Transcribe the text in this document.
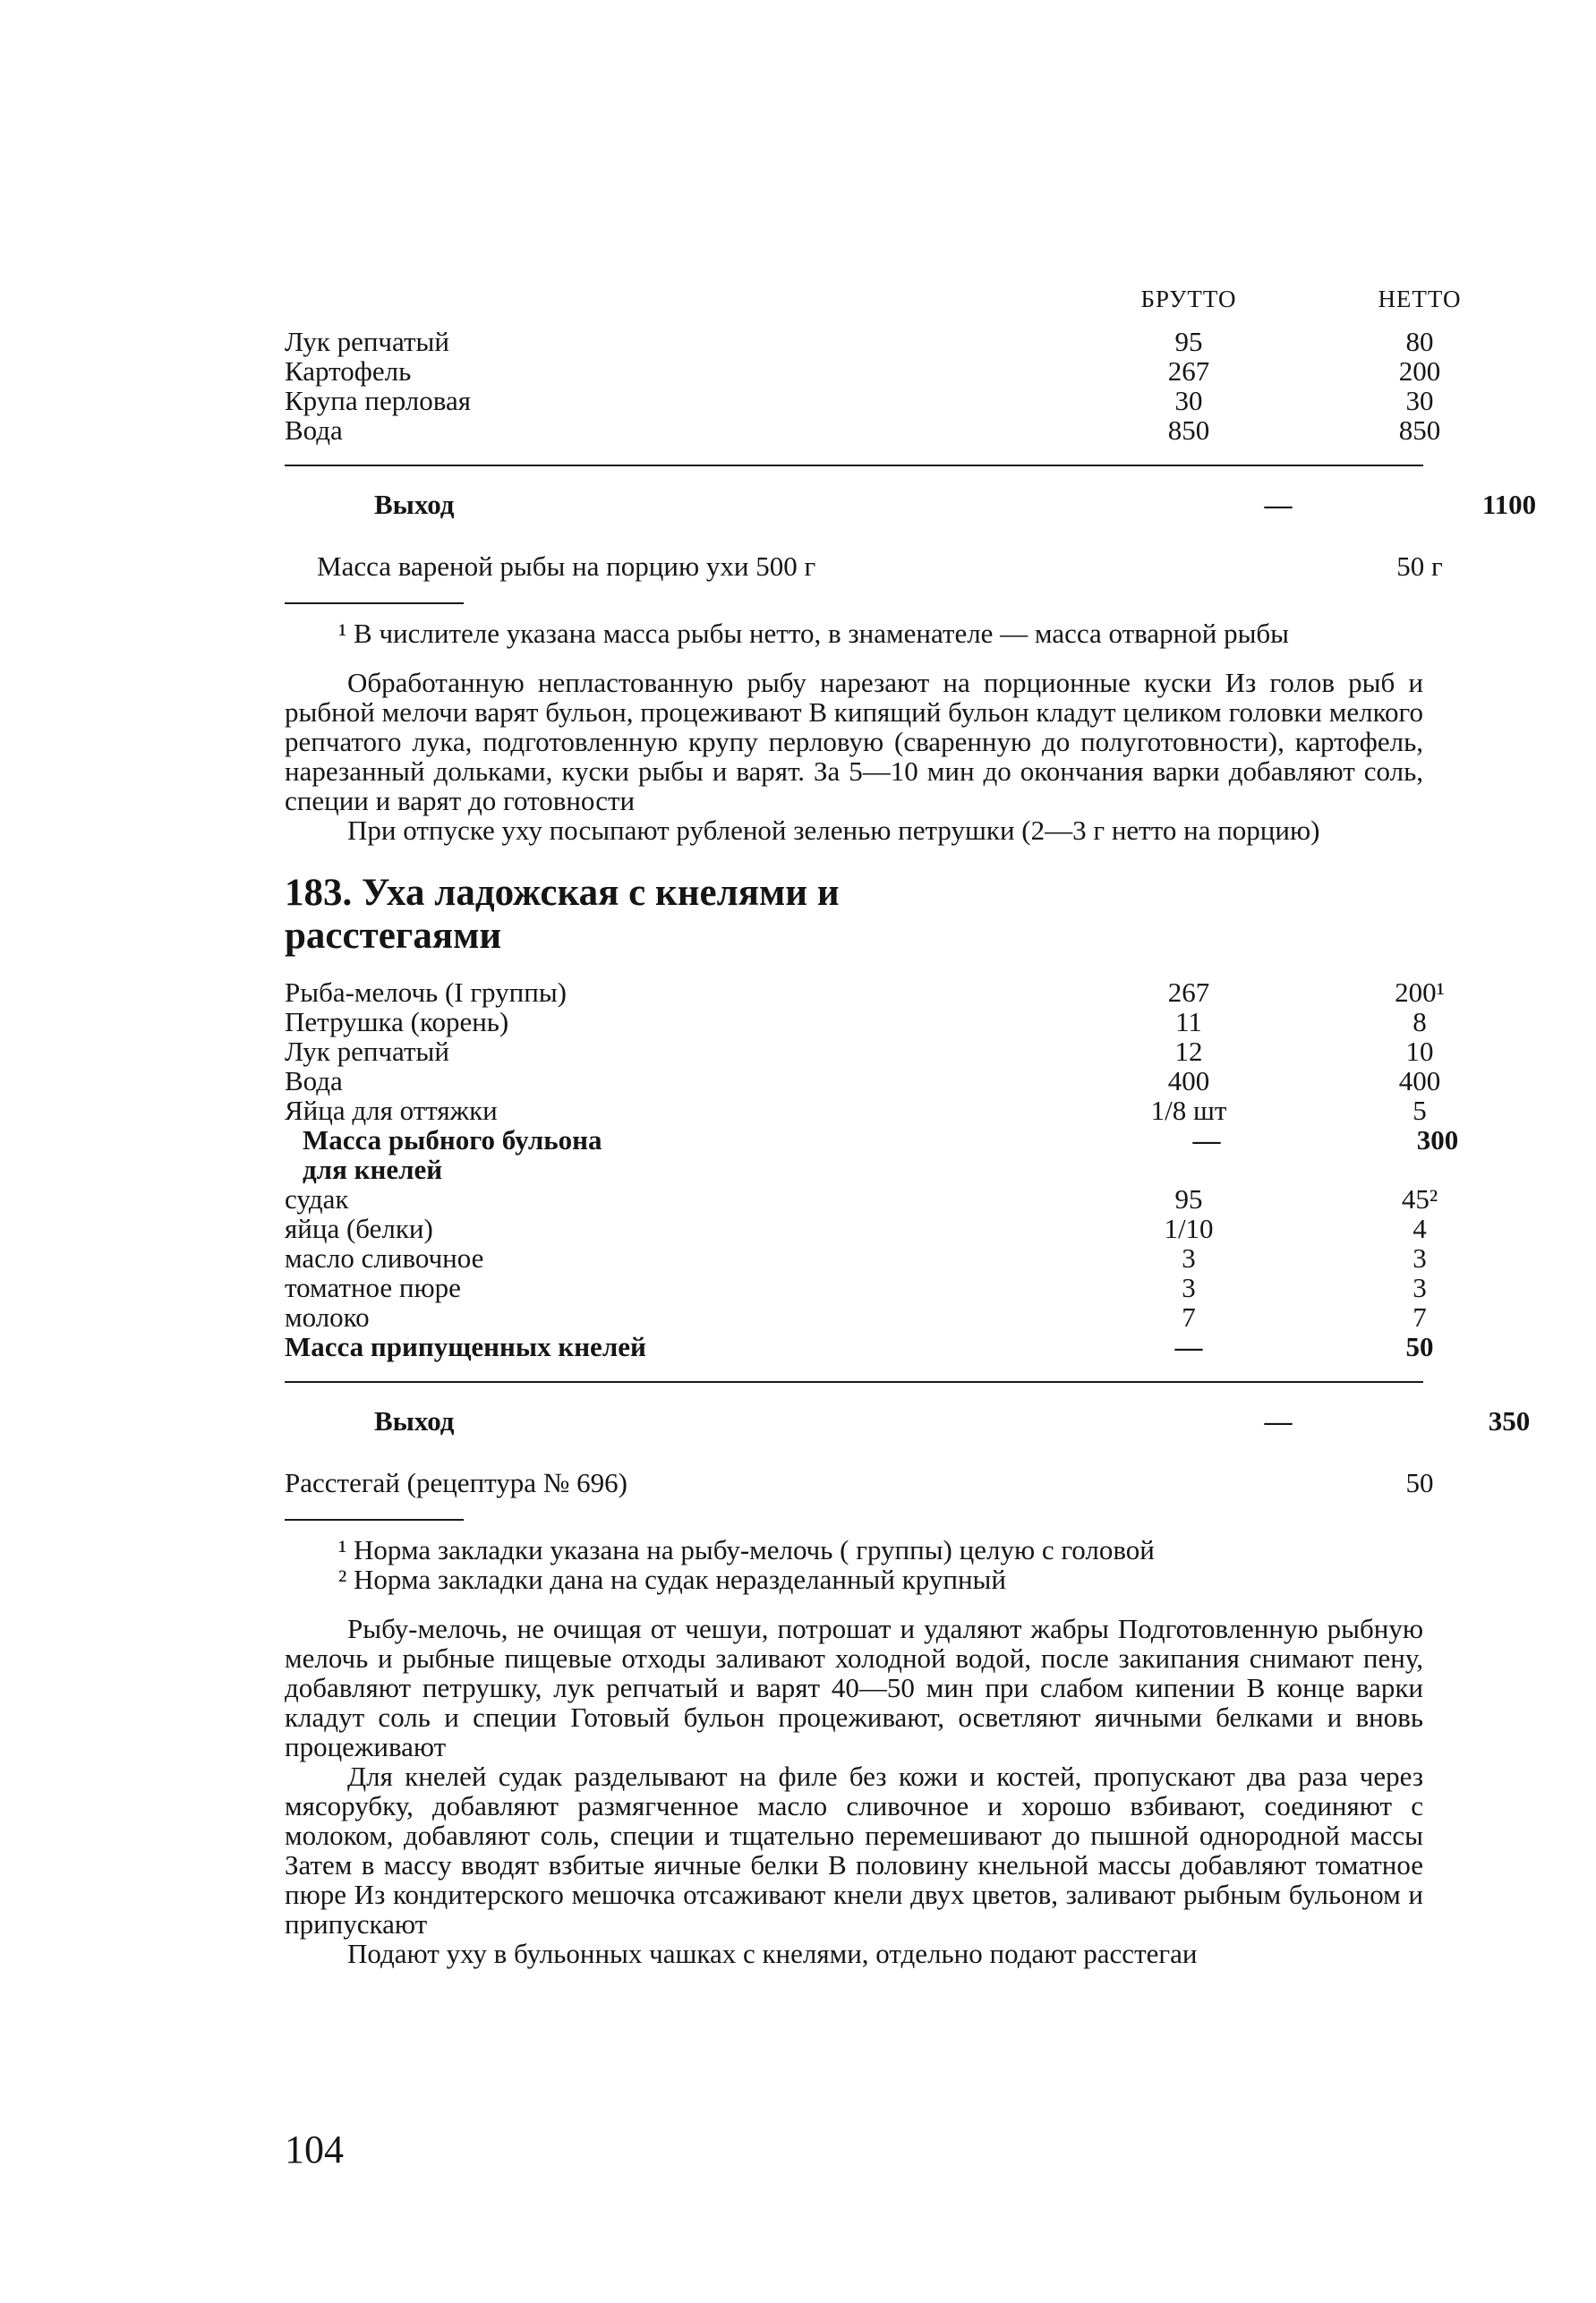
БРУТТО	НЕТТО
Лук репчатый	95	80
Картофель	267	200
Крупа перловая	30	30
Вода	850	850
Выход	—	1100
Масса вареной рыбы на порцию ухи 500 г	50 г

¹ В числителе указана масса рыбы нетто, в знаменателе — масса отварной рыбы

Обработанную непластованную рыбу нарезают на порционные куски Из голов рыб и рыбной мелочи варят бульон, процеживают В кипящий бульон кладут целиком головки мелкого репчатого лука, подготовленную крупу перловую (сваренную до полуготовности), картофель, нарезанный дольками, куски рыбы и варят. За 5—10 мин до окончания варки добавляют соль, специи и варят до готовности

При отпуске уху посыпают рубленой зеленью петрушки (2—3 г нетто на порцию)

183. Уха ладожская с кнелями и расстегаями
Рыба-мелочь (I группы)	267	200¹
Петрушка (корень)	11	8
Лук репчатый	12	10
Вода	400	400
Яйца для оттяжки	1/8 шт	5
Масса рыбного бульона	—	300
для кнелей
судак	95	45²
яйца (белки)	1/10	4
масло сливочное	3	3
томатное пюре	3	3
молоко	7	7
Масса припущенных кнелей	—	50
Выход	—	350
Расстегай (рецептура № 696)	50

¹ Норма закладки указана на рыбу-мелочь ( группы) целую с головой

² Норма закладки дана на судак неразделанный крупный

Рыбу-мелочь, не очищая от чешуи, потрошат и удаляют жабры Подготовленную рыбную мелочь и рыбные пищевые отходы заливают холодной водой, после закипания снимают пену, добавляют петрушку, лук репчатый и варят 40—50 мин при слабом кипении В конце варки кладут соль и специи Готовый бульон процеживают, осветляют яичными белками и вновь процеживают

Для кнелей судак разделывают на филе без кожи и костей, пропускают два раза через мясорубку, добавляют размягченное масло сливочное и хорошо взбивают, соединяют с молоком, добавляют соль, специи и тщательно перемешивают до пышной однородной массы Затем в массу вводят взбитые яичные белки В половину кнельной массы добавляют томатное пюре Из кондитерского мешочка отсаживают кнели двух цветов, заливают рыбным бульоном и припускают

Подают уху в бульонных чашках с кнелями, отдельно подают расстегаи

104
